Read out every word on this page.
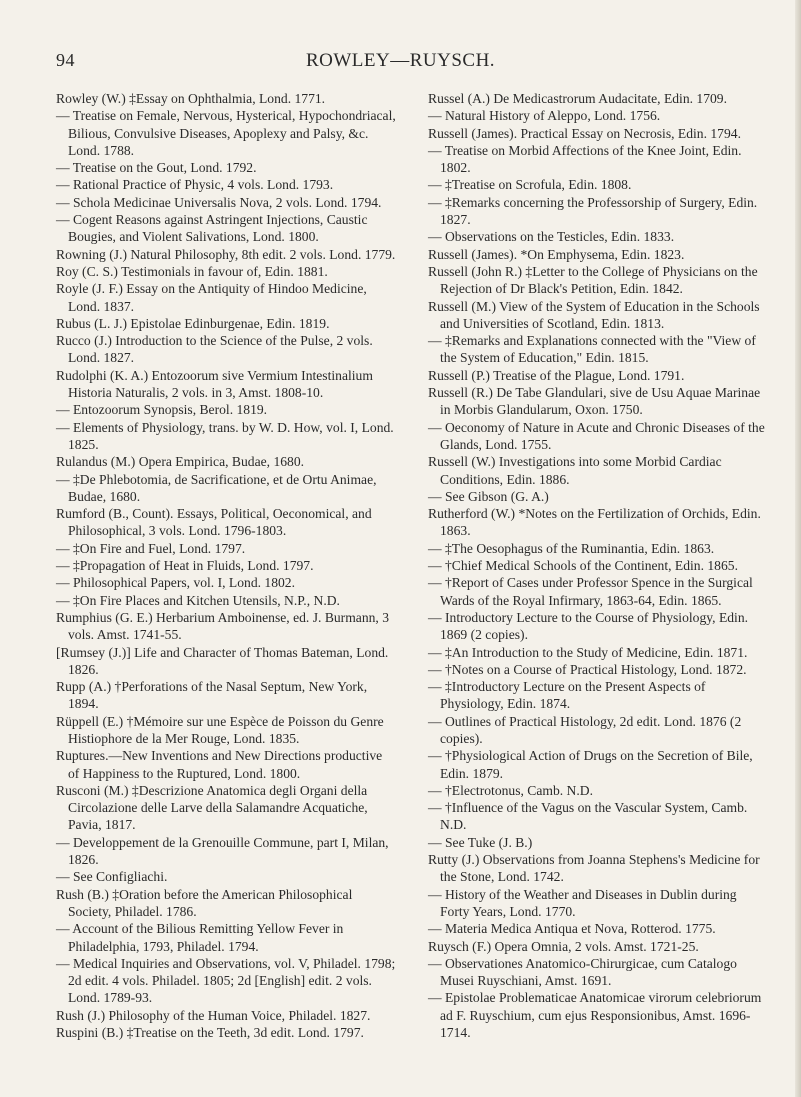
94	ROWLEY—RUYSCH.

Rowley (W.) ‡Essay on Ophthalmia, Lond. 1771.

— Treatise on Female, Nervous, Hysterical, Hypochondriacal, Bilious, Convulsive Diseases, Apoplexy and Palsy, &c. Lond. 1788.

— Treatise on the Gout, Lond. 1792.

— Rational Practice of Physic, 4 vols. Lond. 1793.

— Schola Medicinae Universalis Nova, 2 vols. Lond. 1794.

— Cogent Reasons against Astringent Injections, Caustic Bougies, and Violent Salivations, Lond. 1800.

Rowning (J.) Natural Philosophy, 8th edit. 2 vols. Lond. 1779.

Roy (C. S.) Testimonials in favour of, Edin. 1881.

Royle (J. F.) Essay on the Antiquity of Hindoo Medicine, Lond. 1837.

Rubus (L. J.) Epistolae Edinburgenae, Edin. 1819.

Rucco (J.) Introduction to the Science of the Pulse, 2 vols. Lond. 1827.

Rudolphi (K. A.) Entozoorum sive Vermium Intestinalium Historia Naturalis, 2 vols. in 3, Amst. 1808-10.

— Entozoorum Synopsis, Berol. 1819.

— Elements of Physiology, trans. by W. D. How, vol. I, Lond. 1825.

Rulandus (M.) Opera Empirica, Budae, 1680.

— ‡De Phlebotomia, de Sacrificatione, et de Ortu Animae, Budae, 1680.

Rumford (B., Count). Essays, Political, Oeconomical, and Philosophical, 3 vols. Lond. 1796-1803.

— ‡On Fire and Fuel, Lond. 1797.

— ‡Propagation of Heat in Fluids, Lond. 1797.

— Philosophical Papers, vol. I, Lond. 1802.

— ‡On Fire Places and Kitchen Utensils, N.P., N.D.

Rumphius (G. E.) Herbarium Amboinense, ed. J. Burmann, 3 vols. Amst. 1741-55.

[Rumsey (J.)] Life and Character of Thomas Bateman, Lond. 1826.

Rupp (A.) †Perforations of the Nasal Septum, New York, 1894.

Rüppell (E.) †Mémoire sur une Espèce de Poisson du Genre Histiophore de la Mer Rouge, Lond. 1835.

Ruptures.—New Inventions and New Directions productive of Happiness to the Ruptured, Lond. 1800.

Rusconi (M.) ‡Descrizione Anatomica degli Organi della Circolazione delle Larve della Salamandre Acquatiche, Pavia, 1817.

— Developpement de la Grenouille Commune, part I, Milan, 1826.

— See Configliachi.

Rush (B.) ‡Oration before the American Philosophical Society, Philadel. 1786.

— Account of the Bilious Remitting Yellow Fever in Philadelphia, 1793, Philadel. 1794.

— Medical Inquiries and Observations, vol. V, Philadel. 1798; 2d edit. 4 vols. Philadel. 1805; 2d [English] edit. 2 vols. Lond. 1789-93.

Rush (J.) Philosophy of the Human Voice, Philadel. 1827.

Ruspini (B.) ‡Treatise on the Teeth, 3d edit. Lond. 1797.

Russel (A.) De Medicastrorum Audacitate, Edin. 1709.

— Natural History of Aleppo, Lond. 1756.

Russell (James). Practical Essay on Necrosis, Edin. 1794.

— Treatise on Morbid Affections of the Knee Joint, Edin. 1802.

— ‡Treatise on Scrofula, Edin. 1808.

— ‡Remarks concerning the Professorship of Surgery, Edin. 1827.

— Observations on the Testicles, Edin. 1833.

Russell (James). *On Emphysema, Edin. 1823.

Russell (John R.) ‡Letter to the College of Physicians on the Rejection of Dr Black's Petition, Edin. 1842.

Russell (M.) View of the System of Education in the Schools and Universities of Scotland, Edin. 1813.

— ‡Remarks and Explanations connected with the "View of the System of Education," Edin. 1815.

Russell (P.) Treatise of the Plague, Lond. 1791.

Russell (R.) De Tabe Glandulari, sive de Usu Aquae Marinae in Morbis Glandularum, Oxon. 1750.

— Oeconomy of Nature in Acute and Chronic Diseases of the Glands, Lond. 1755.

Russell (W.) Investigations into some Morbid Cardiac Conditions, Edin. 1886.

— See Gibson (G. A.)

Rutherford (W.) *Notes on the Fertilization of Orchids, Edin. 1863.

— ‡The Oesophagus of the Ruminantia, Edin. 1863.

— †Chief Medical Schools of the Continent, Edin. 1865.

— †Report of Cases under Professor Spence in the Surgical Wards of the Royal Infirmary, 1863-64, Edin. 1865.

— Introductory Lecture to the Course of Physiology, Edin. 1869 (2 copies).

— ‡An Introduction to the Study of Medicine, Edin. 1871.

— †Notes on a Course of Practical Histology, Lond. 1872.

— ‡Introductory Lecture on the Present Aspects of Physiology, Edin. 1874.

— Outlines of Practical Histology, 2d edit. Lond. 1876 (2 copies).

— †Physiological Action of Drugs on the Secretion of Bile, Edin. 1879.

— †Electrotonus, Camb. N.D.

— †Influence of the Vagus on the Vascular System, Camb. N.D.

— See Tuke (J. B.)

Rutty (J.) Observations from Joanna Stephens's Medicine for the Stone, Lond. 1742.

— History of the Weather and Diseases in Dublin during Forty Years, Lond. 1770.

— Materia Medica Antiqua et Nova, Rotterod. 1775.

Ruysch (F.) Opera Omnia, 2 vols. Amst. 1721-25.

— Observationes Anatomico-Chirurgicae, cum Catalogo Musei Ruyschiani, Amst. 1691.

— Epistolae Problematicae Anatomicae virorum celebriorum ad F. Ruyschium, cum ejus Responsionibus, Amst. 1696-1714.
